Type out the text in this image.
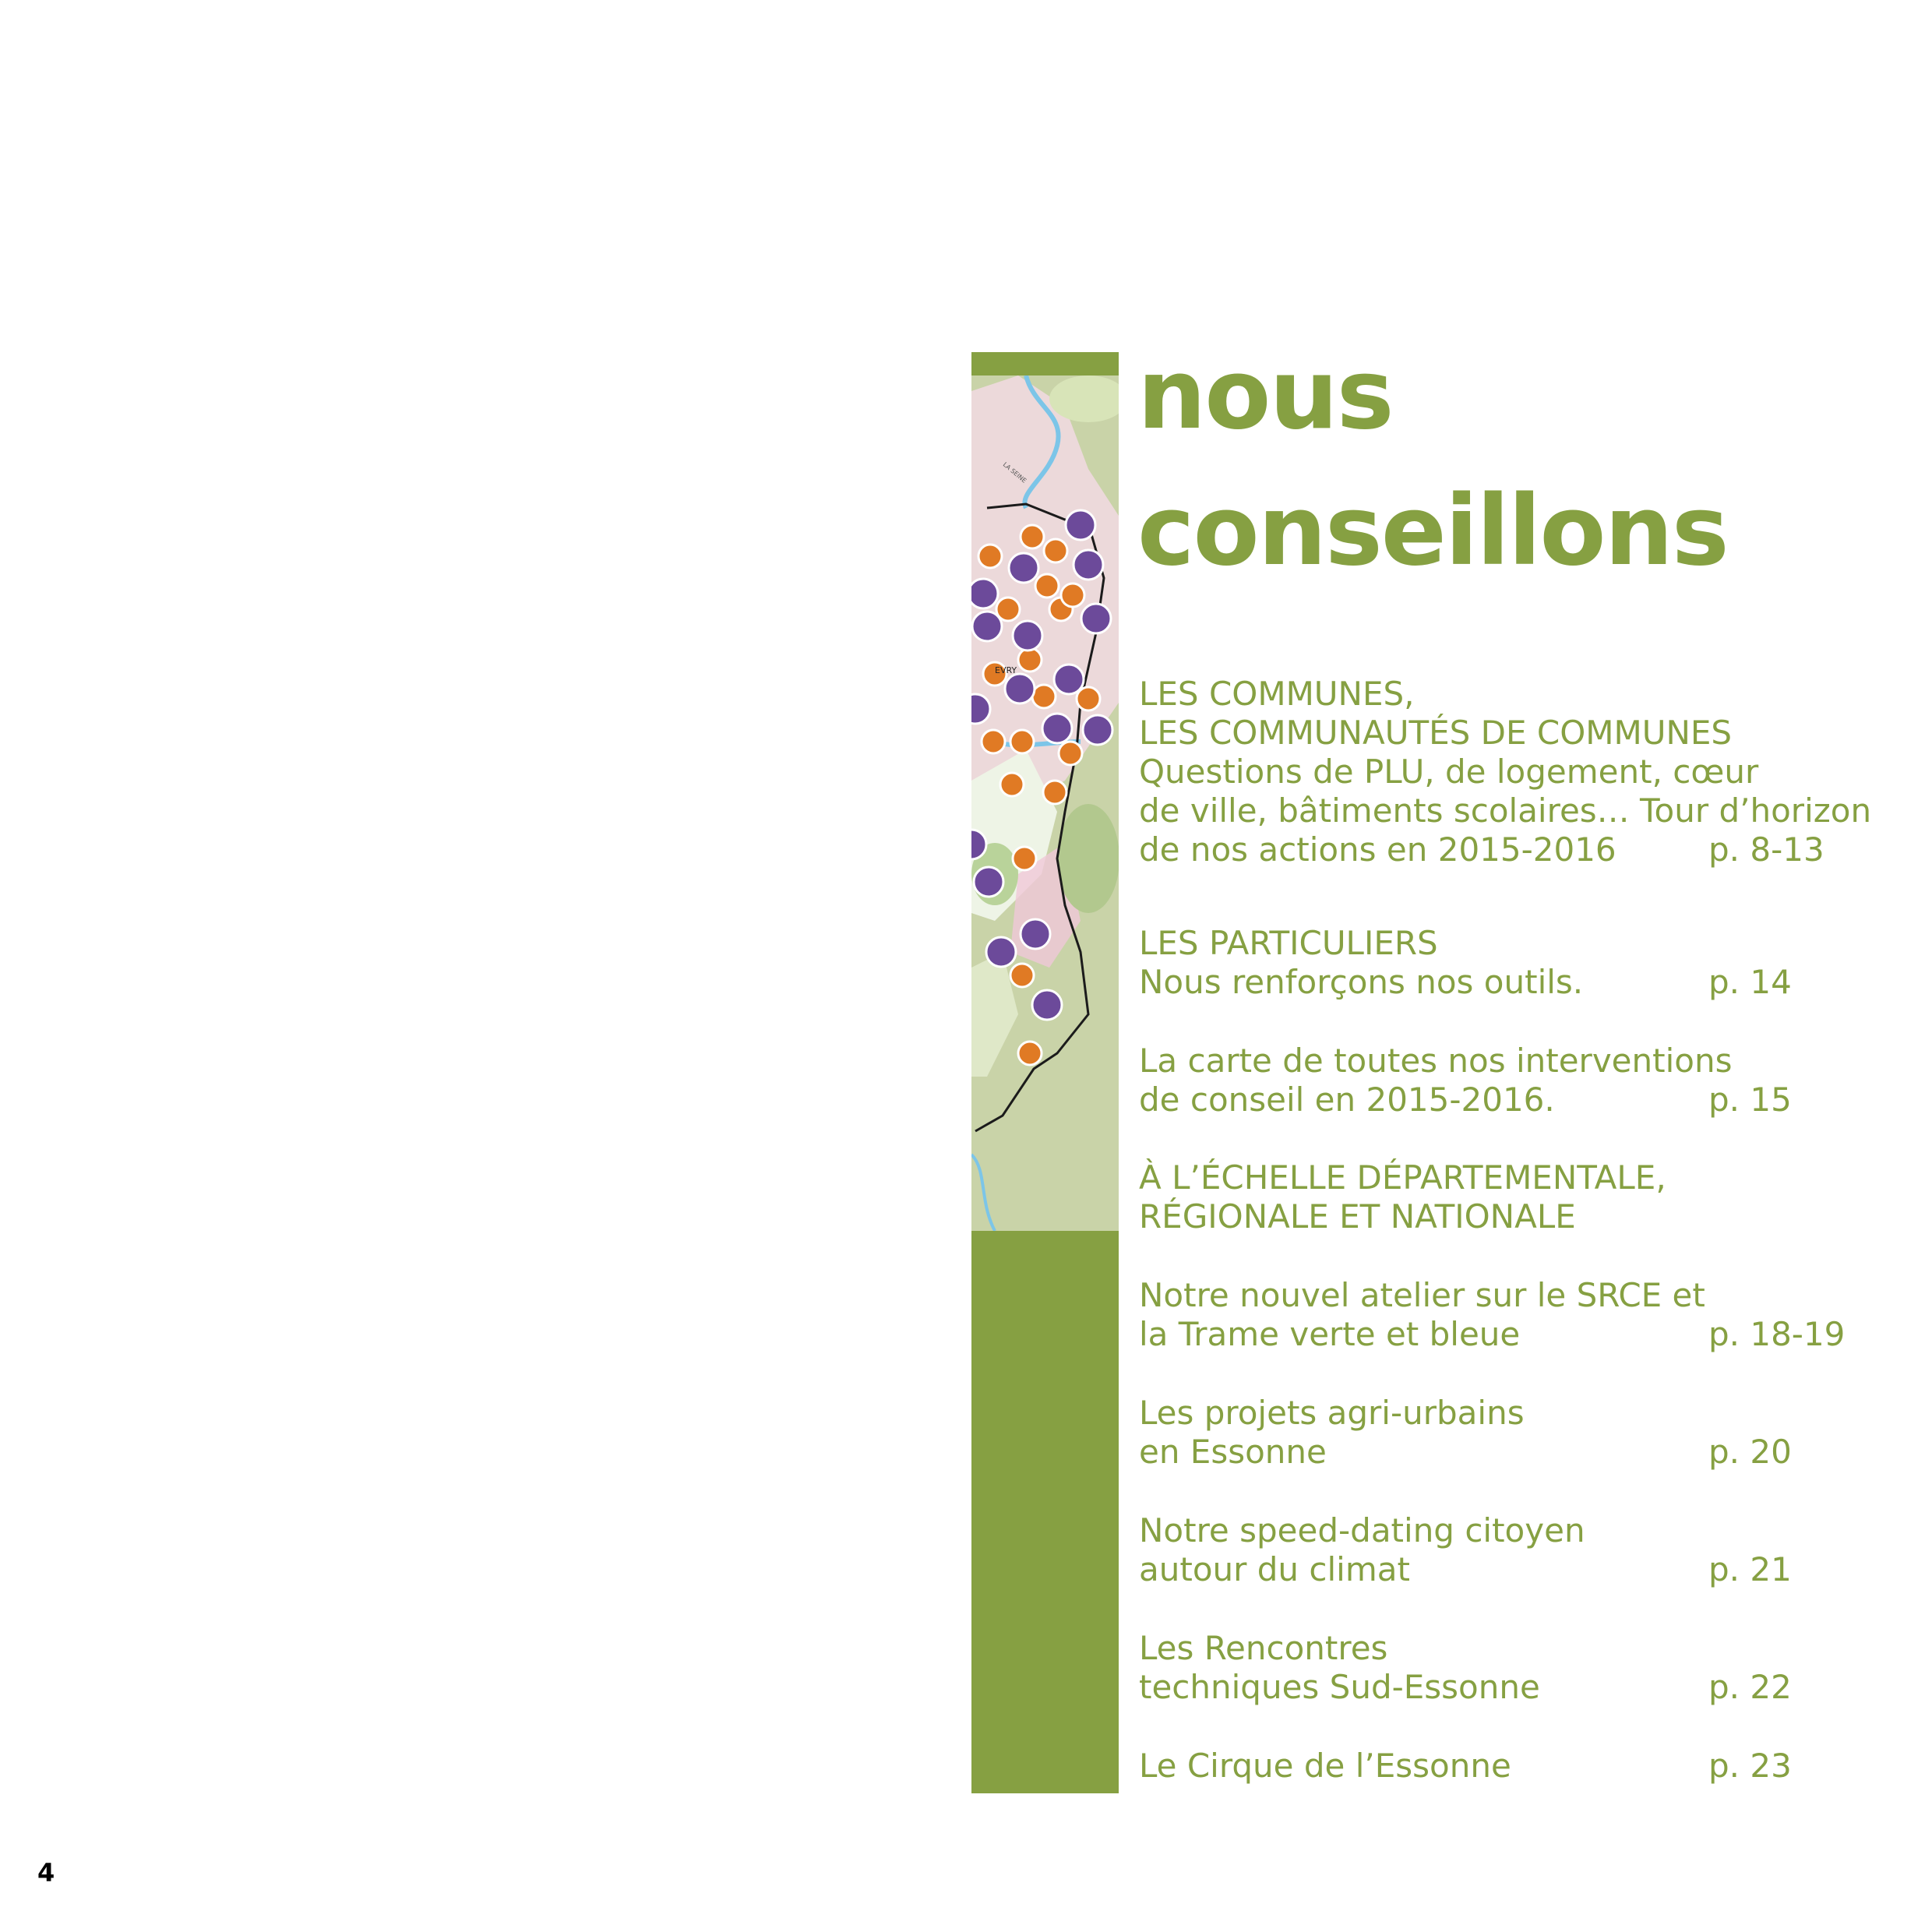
EVRY
LA SEINE
nous
conseillons
LES COMMUNES,
LES COMMUNAUTÉS DE COMMUNES
Questions de PLU, de logement, cœur
de ville, bâtiments scolaires… Tour d’horizon
de nos actions en 2015-2016	p. 8-13
LES PARTICULIERS
Nous renforçons nos outils.	p. 14
La carte de toutes nos interventions
de conseil en 2015-2016.	p. 15
À L’ÉCHELLE DÉPARTEMENTALE,
RÉGIONALE ET NATIONALE
Notre nouvel atelier sur le SRCE et
la Trame verte et bleue	p. 18-19
Les projets agri-urbains
en Essonne	p. 20
Notre speed-dating citoyen
autour du climat	p. 21
Les Rencontres
techniques Sud-Essonne	p. 22
Le Cirque de l’Essonne	p. 23
4
